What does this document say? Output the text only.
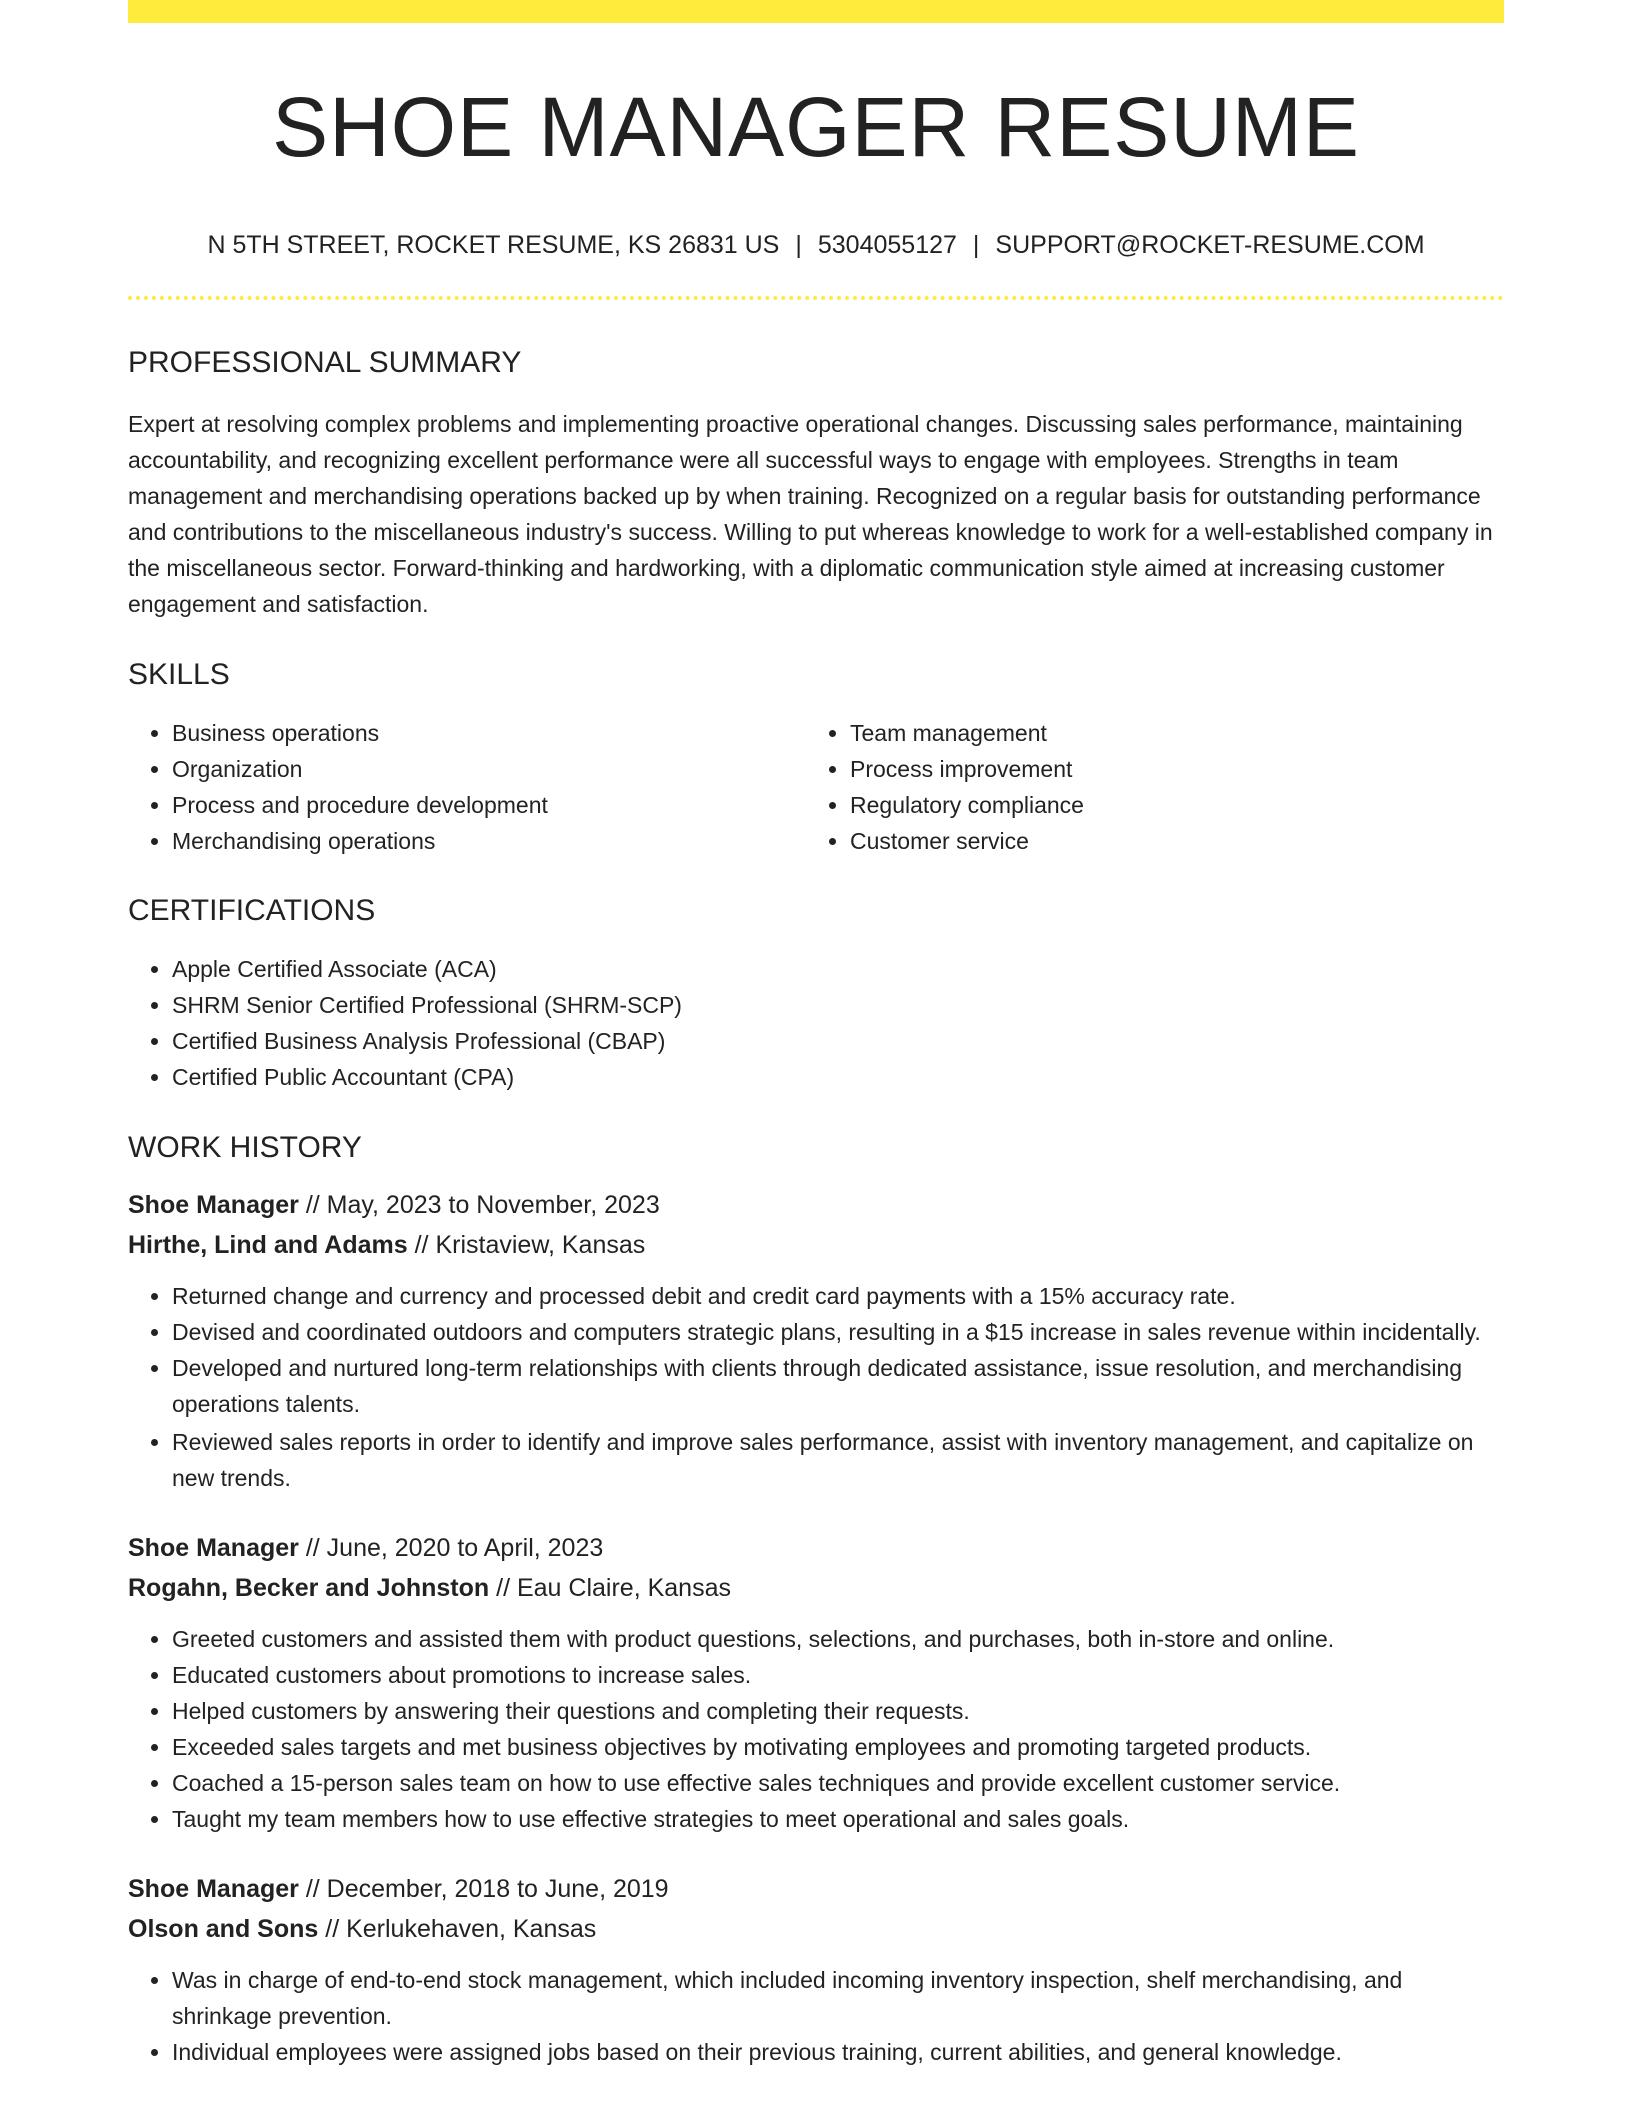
SHOE MANAGER RESUME
N 5TH STREET, ROCKET RESUME, KS 26831 US | 5304055127 | SUPPORT@ROCKET-RESUME.COM
PROFESSIONAL SUMMARY

Expert at resolving complex problems and implementing proactive operational changes. Discussing sales performance, maintaining accountability, and recognizing excellent performance were all successful ways to engage with employees. Strengths in team management and merchandising operations backed up by when training. Recognized on a regular basis for outstanding performance and contributions to the miscellaneous industry's success. Willing to put whereas knowledge to work for a well-established company in the miscellaneous sector. Forward-thinking and hardworking, with a diplomatic communication style aimed at increasing customer engagement and satisfaction.

SKILLS
• Business operations
• Organization
• Process and procedure development
• Merchandising operations
• Team management
• Process improvement
• Regulatory compliance
• Customer service
CERTIFICATIONS
• Apple Certified Associate (ACA)
• SHRM Senior Certified Professional (SHRM-SCP)
• Certified Business Analysis Professional (CBAP)
• Certified Public Accountant (CPA)
WORK HISTORY
Shoe Manager // May, 2023 to November, 2023
Hirthe, Lind and Adams // Kristaview, Kansas
• Returned change and currency and processed debit and credit card payments with a 15% accuracy rate.
• Devised and coordinated outdoors and computers strategic plans, resulting in a $15 increase in sales revenue within incidentally.
• Developed and nurtured long-term relationships with clients through dedicated assistance, issue resolution, and merchandising operations talents.
• Reviewed sales reports in order to identify and improve sales performance, assist with inventory management, and capitalize on new trends.
Shoe Manager // June, 2020 to April, 2023
Rogahn, Becker and Johnston // Eau Claire, Kansas
• Greeted customers and assisted them with product questions, selections, and purchases, both in-store and online.
• Educated customers about promotions to increase sales.
• Helped customers by answering their questions and completing their requests.
• Exceeded sales targets and met business objectives by motivating employees and promoting targeted products.
• Coached a 15-person sales team on how to use effective sales techniques and provide excellent customer service.
• Taught my team members how to use effective strategies to meet operational and sales goals.
Shoe Manager // December, 2018 to June, 2019
Olson and Sons // Kerlukehaven, Kansas
• Was in charge of end-to-end stock management, which included incoming inventory inspection, shelf merchandising, and shrinkage prevention.
• Individual employees were assigned jobs based on their previous training, current abilities, and general knowledge.
